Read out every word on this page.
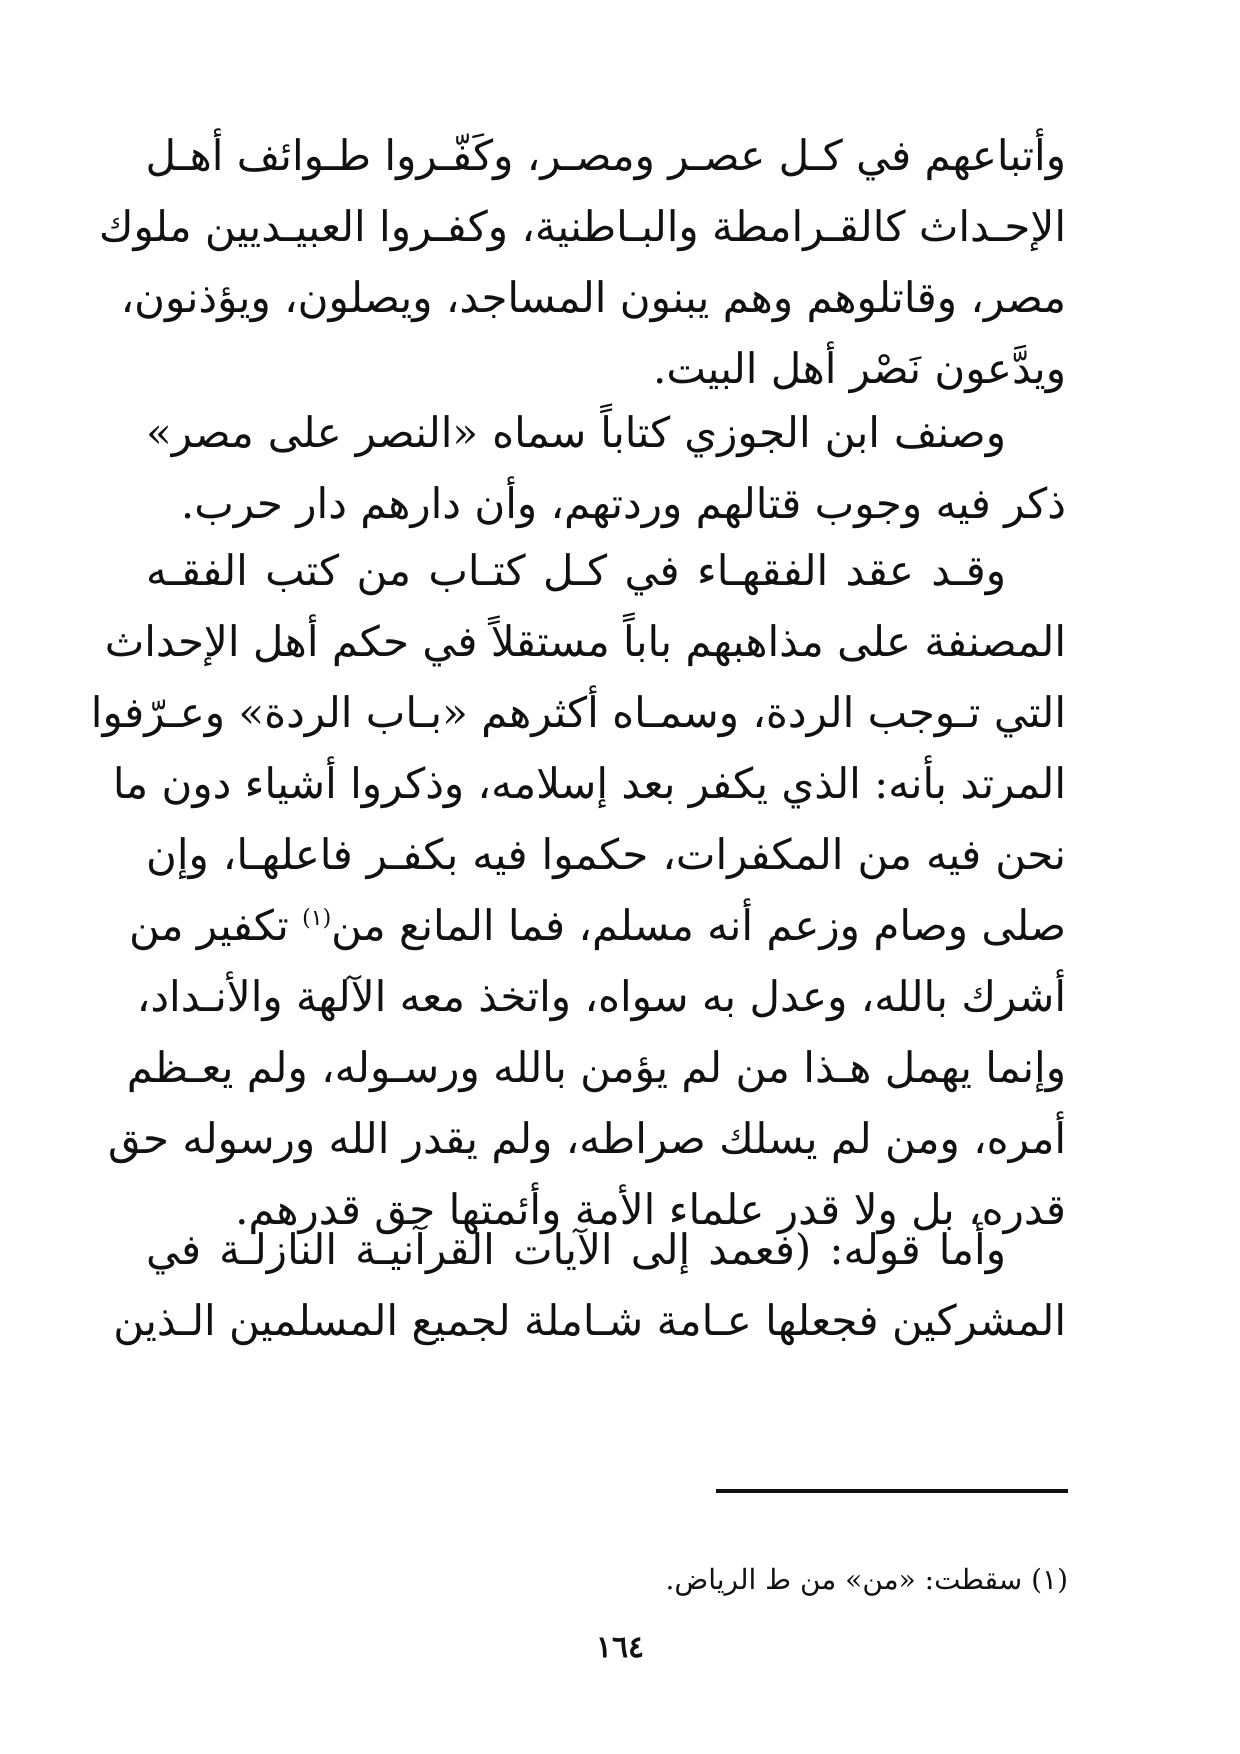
وأتباعهم في كـل عصـر ومصـر، وكَفّـروا طـوائف أهـل
الإحـداث كالقـرامطة والبـاطنية، وكفـروا العبيـديين ملوك
مصر، وقاتلوهم وهم يبنون المساجد، ويصلون، ويؤذنون،
ويدَّعون نَصْر أهل البيت.
وصنف ابن الجوزي كتاباً سماه «النصر على مصر»
ذكر فيه وجوب قتالهم وردتهم، وأن دارهم دار حرب.
وقـد عقد الفقهـاء في كـل كتـاب من كتب الفقـه
المصنفة على مذاهبهم باباً مستقلاً في حكم أهل الإحداث
التي تـوجب الردة، وسمـاه أكثرهم «بـاب الردة» وعـرّفوا
المرتد بأنه: الذي يكفر بعد إسلامه، وذكروا أشياء دون ما
نحن فيه من المكفرات، حكموا فيه بكفـر فاعلهـا، وإن
صلى وصام وزعم أنه مسلم، فما المانع من$^{(١)}$ تكفير من
أشرك بالله، وعدل به سواه، واتخذ معه الآلهة والأنـداد،
وإنما يهمل هـذا من لم يؤمن بالله ورسـوله، ولم يعـظم
أمره، ومن لم يسلك صراطه، ولم يقدر الله ورسوله حق
قدره، بل ولا قدر علماء الأمة وأئمتها حق قدرهم.
وأما قوله: (فعمد إلى الآيات القرآنيـة النازلـة في
المشركين فجعلها عـامة شـاملة لجميع المسلمين الـذين
(١) سقطت: «من» من ط الرياض.
١٦٤
